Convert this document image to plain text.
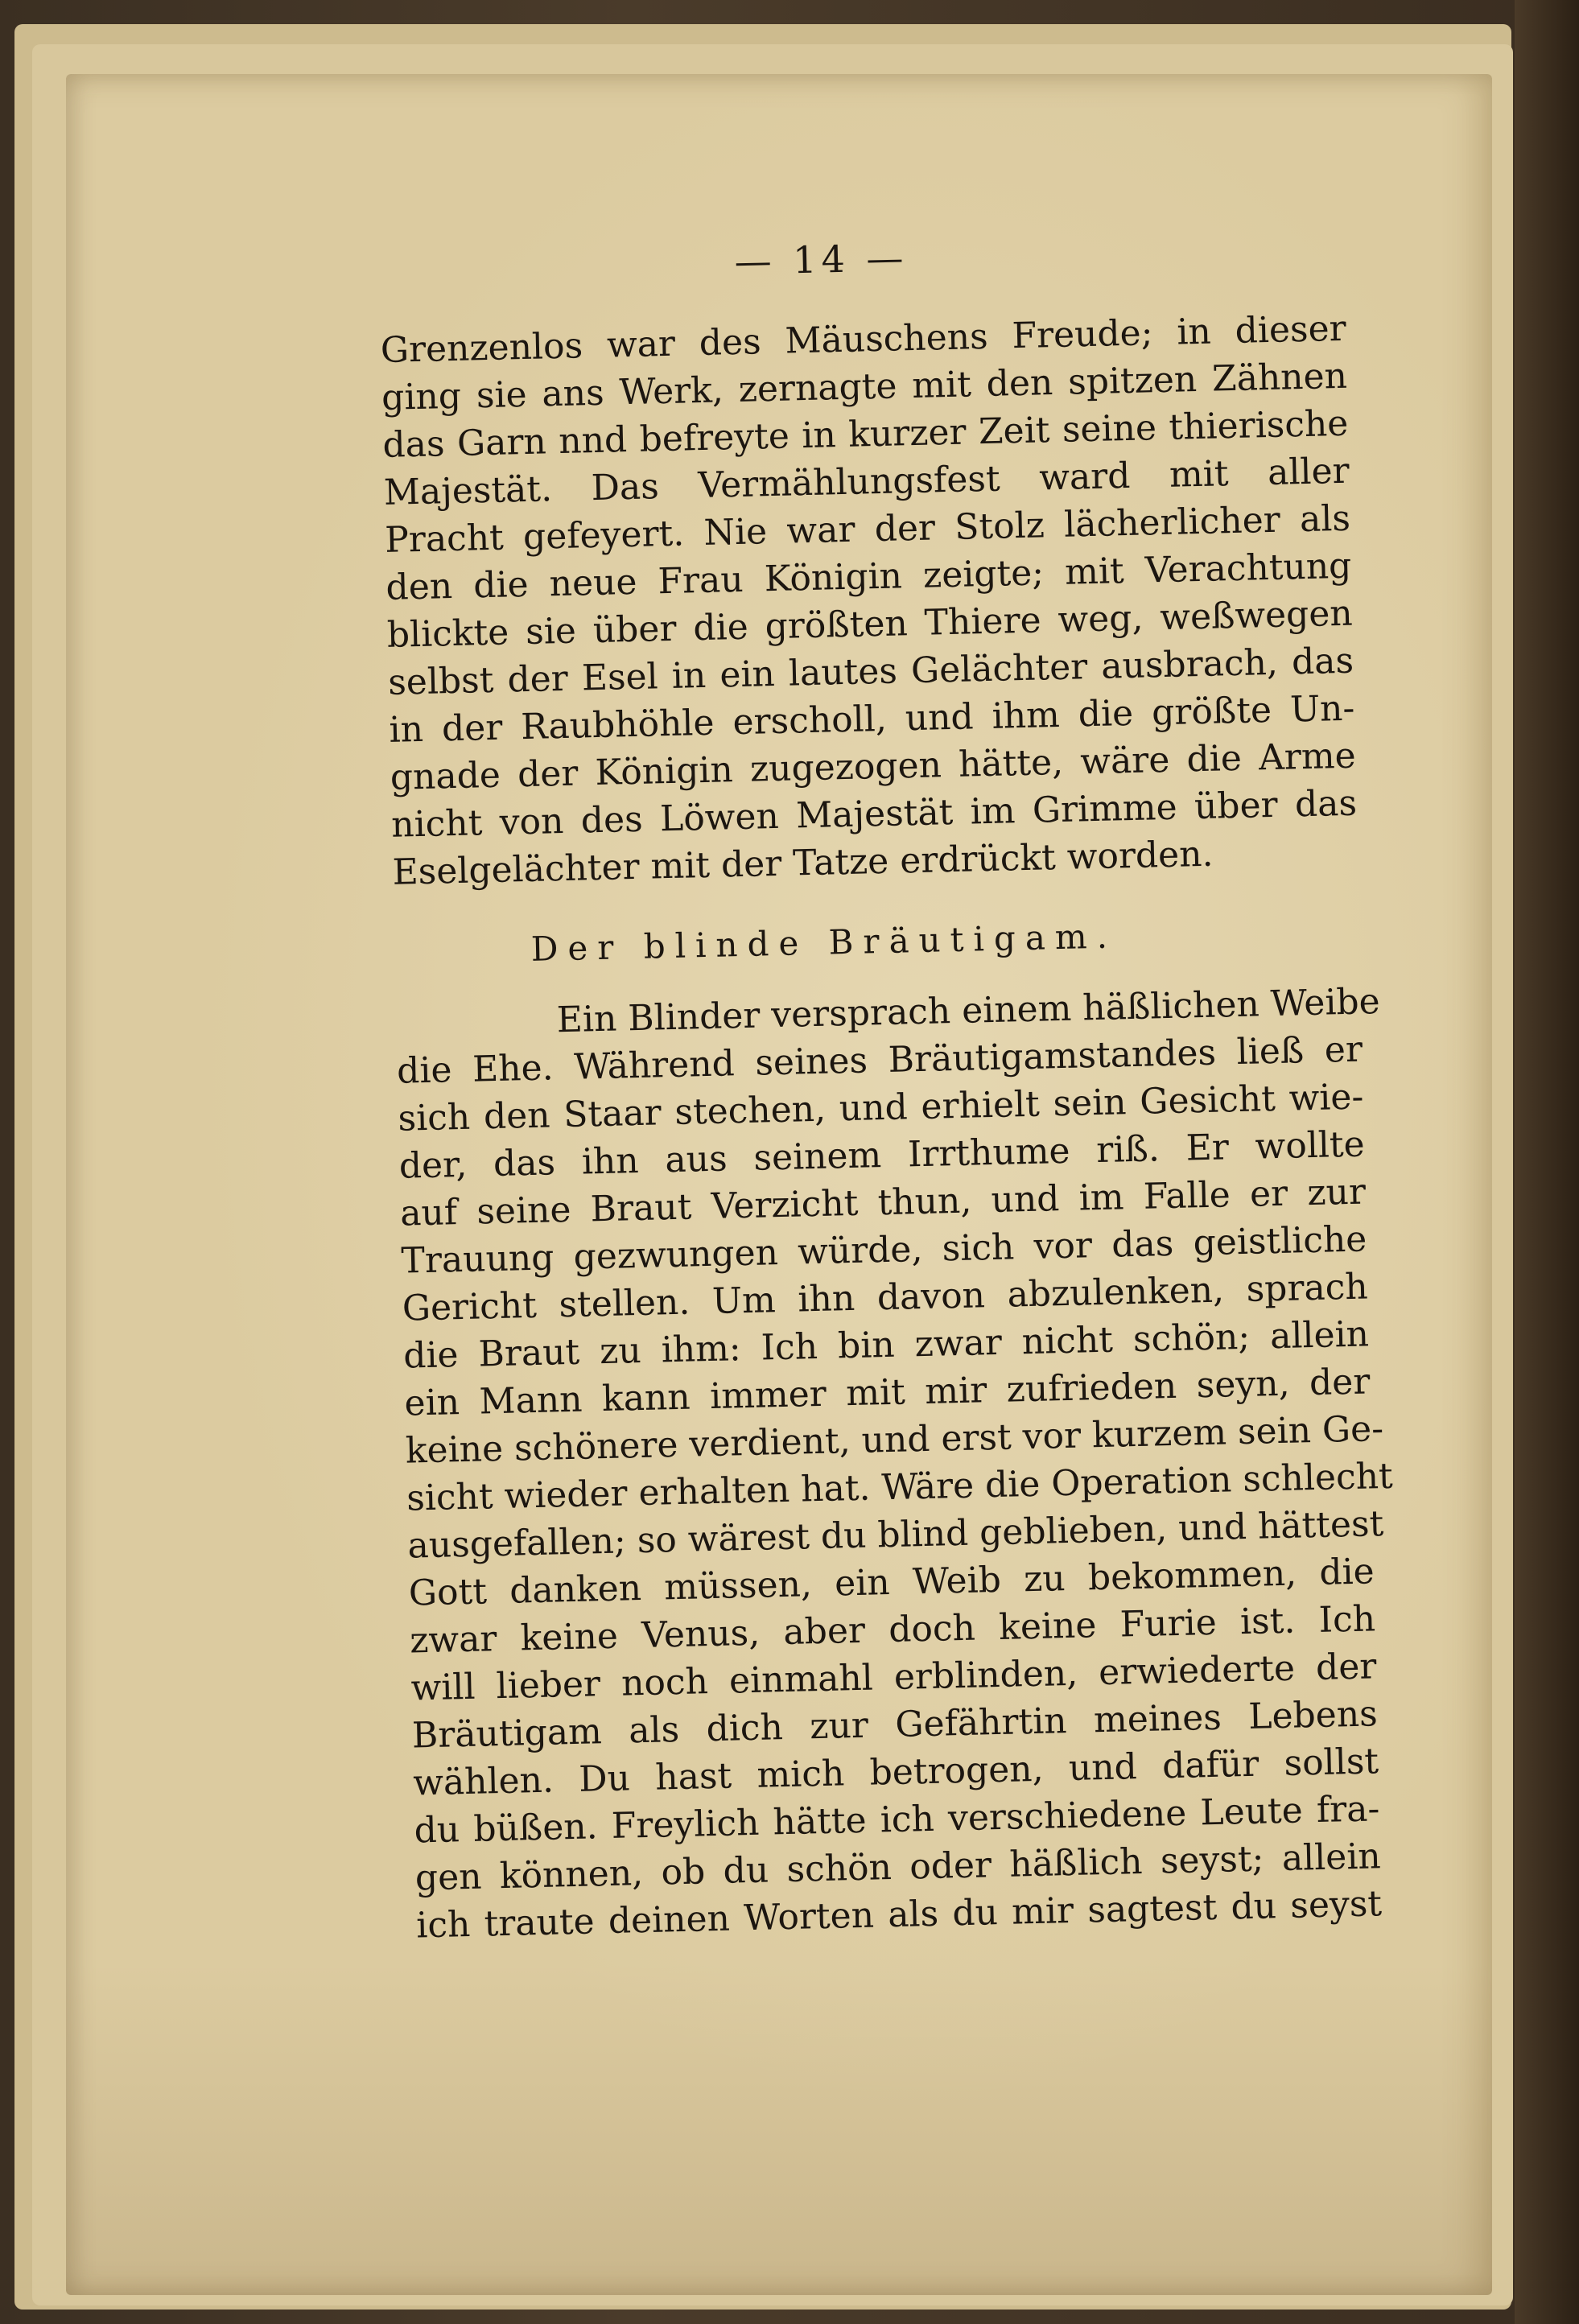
— 14 —
Grenzenlos war des Mäuschens Freude; in dieser
ging sie ans Werk, zernagte mit den spitzen Zähnen
das Garn nnd befreyte in kurzer Zeit seine thierische
Majestät. Das Vermählungsfest ward mit aller
Pracht gefeyert. Nie war der Stolz lächerlicher als
den die neue Frau Königin zeigte; mit Verachtung
blickte sie über die größten Thiere weg, weßwegen
selbst der Esel in ein lautes Gelächter ausbrach, das
in der Raubhöhle erscholl, und ihm die größte Un-
gnade der Königin zugezogen hätte, wäre die Arme
nicht von des Löwen Majestät im Grimme über das
Eselgelächter mit der Tatze erdrückt worden.
Der blinde Bräutigam.
Ein Blinder versprach einem häßlichen Weibe
die Ehe. Während seines Bräutigamstandes ließ er
sich den Staar stechen, und erhielt sein Gesicht wie-
der, das ihn aus seinem Irrthume riß. Er wollte
auf seine Braut Verzicht thun, und im Falle er zur
Trauung gezwungen würde, sich vor das geistliche
Gericht stellen. Um ihn davon abzulenken, sprach
die Braut zu ihm: Ich bin zwar nicht schön; allein
ein Mann kann immer mit mir zufrieden seyn, der
keine schönere verdient, und erst vor kurzem sein Ge-
sicht wieder erhalten hat. Wäre die Operation schlecht
ausgefallen; so wärest du blind geblieben, und hättest
Gott danken müssen, ein Weib zu bekommen, die
zwar keine Venus, aber doch keine Furie ist. Ich
will lieber noch einmahl erblinden, erwiederte der
Bräutigam als dich zur Gefährtin meines Lebens
wählen. Du hast mich betrogen, und dafür sollst
du büßen. Freylich hätte ich verschiedene Leute fra-
gen können, ob du schön oder häßlich seyst; allein
ich traute deinen Worten als du mir sagtest du seyst
